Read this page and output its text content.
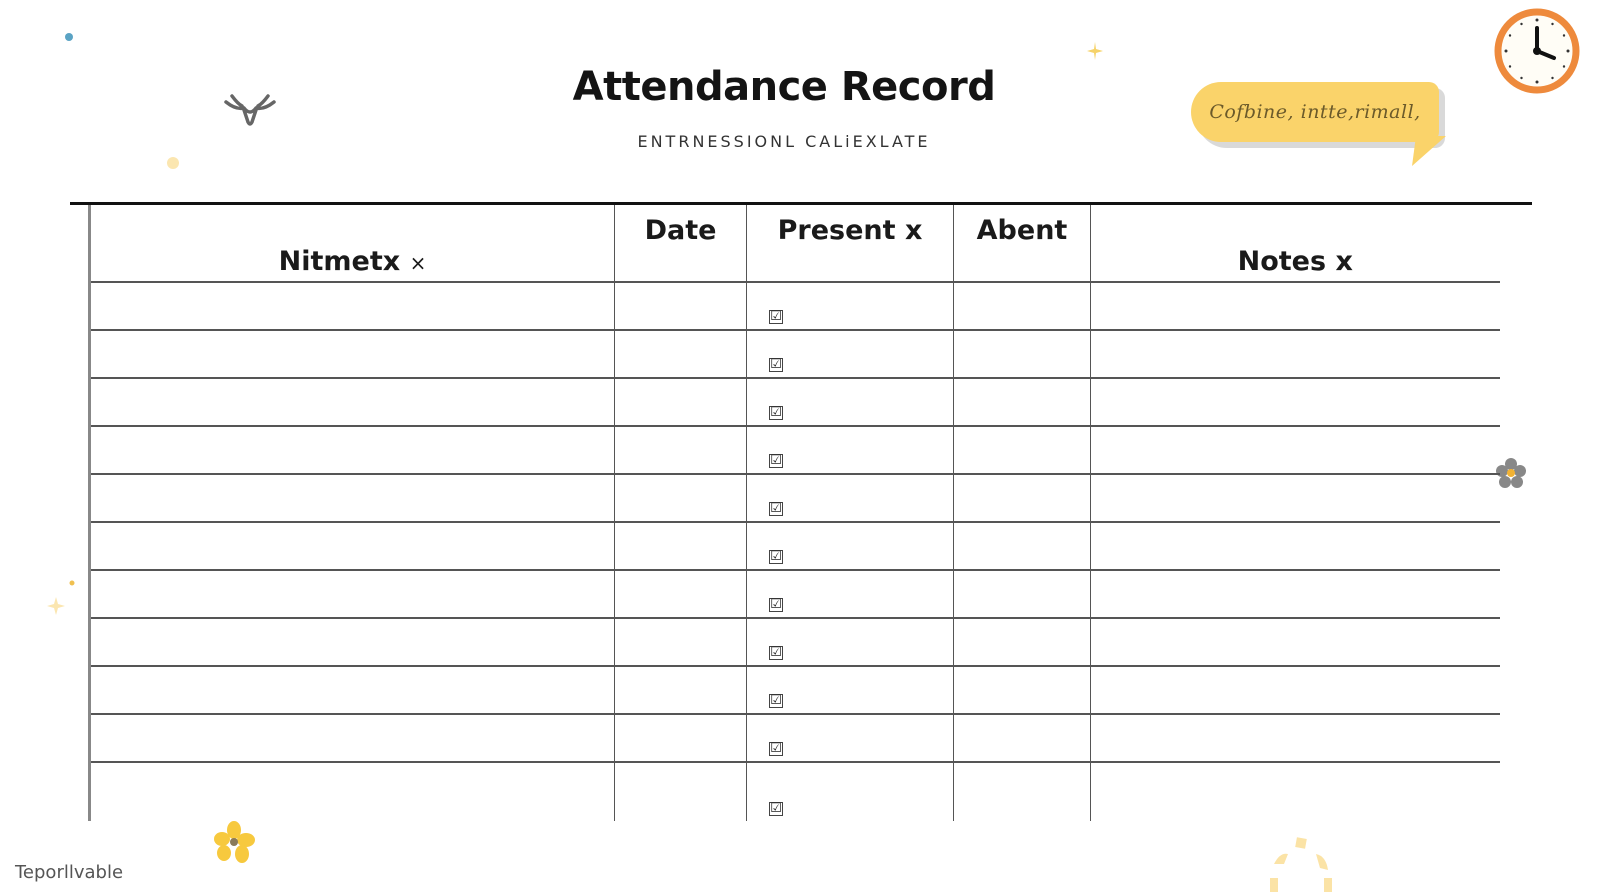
Cofbine, intte,rimall,
Attendance Record
ENTRNESSIONL CALiEXLATE
Nitmetx ×	Date	Present x	Abent	Notes x

		☑		

		☑		

		☑		

		☑		

		☑		

		☑		

		☑		

		☑		

		☑		

		☑		

		☑		

Teporllvable
